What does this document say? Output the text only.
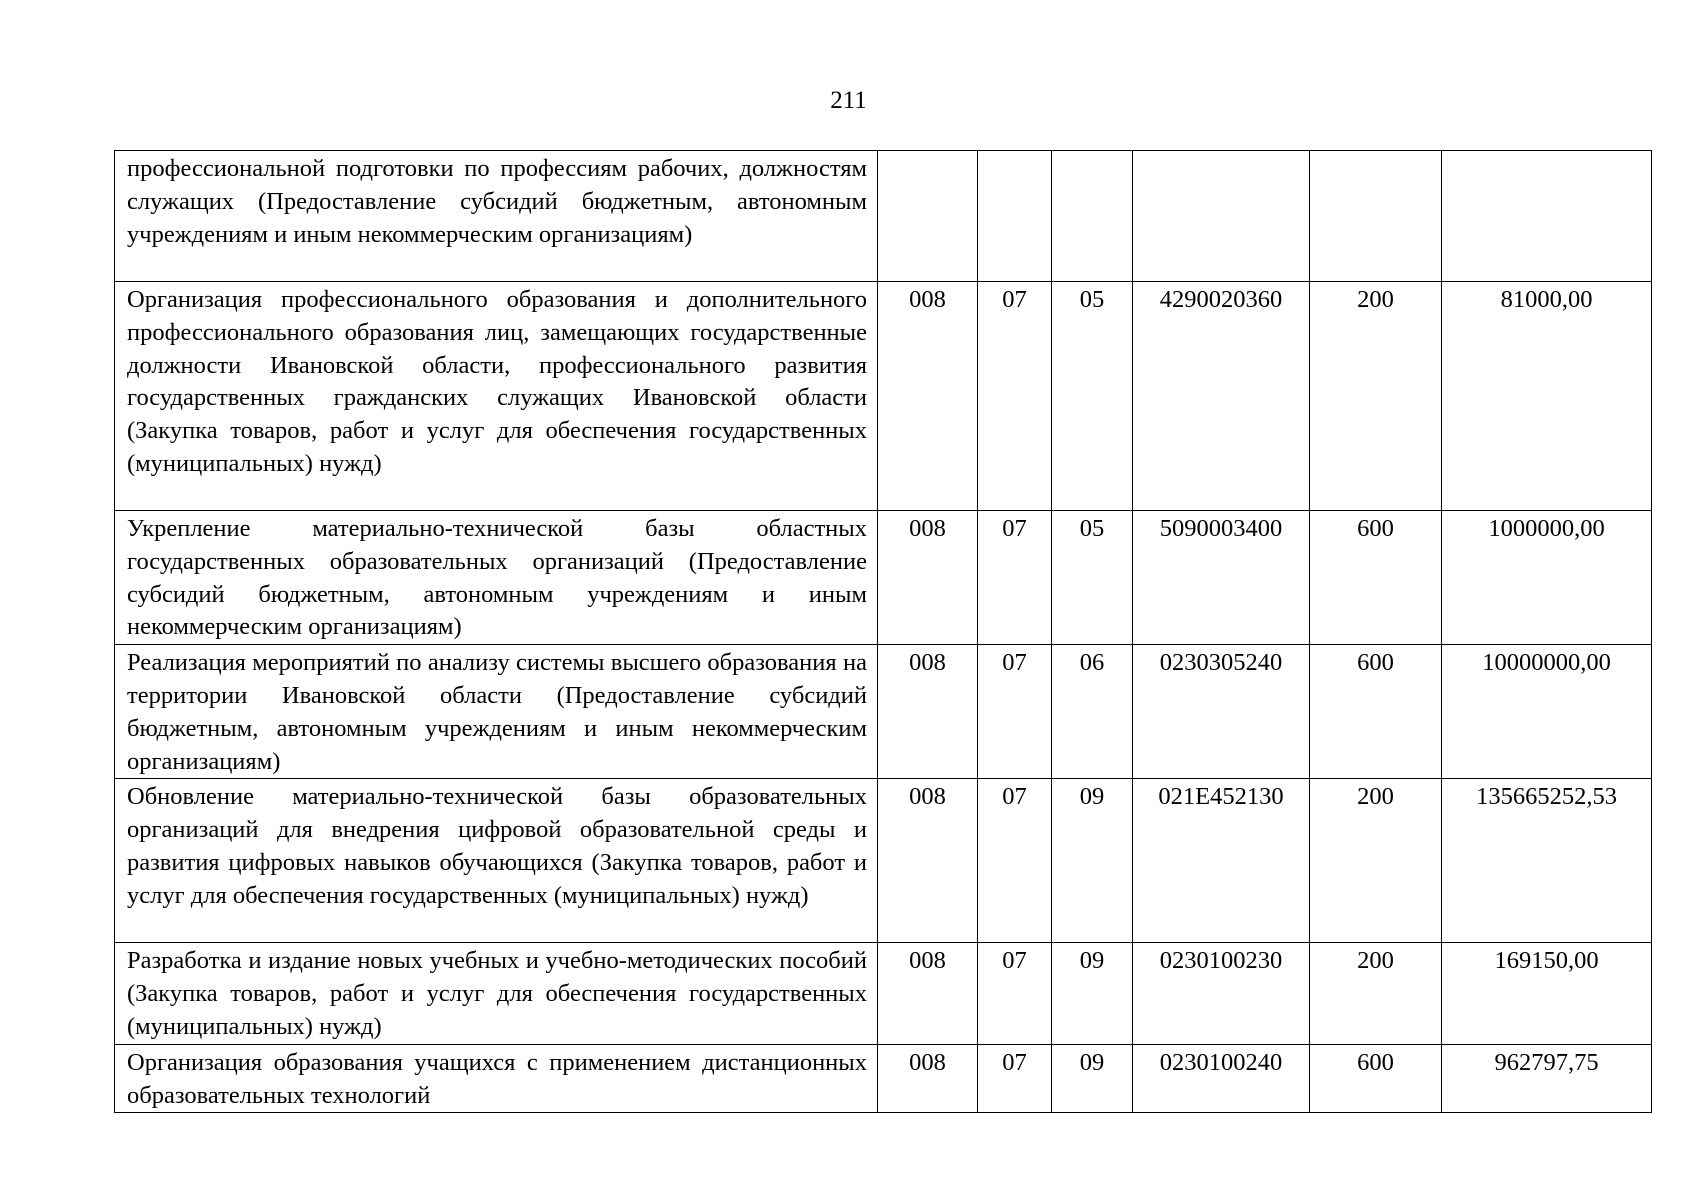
211
профессиональной подготовки по профессиям рабочих, должностям служащих (Предоставление субсидий бюджетным, автономным учреждениям и иным некоммерческим организациям)						
Организация профессионального образования и дополнительного профессионального образования лиц, замещающих государственные должности Ивановской области, профессионального развития государственных гражданских служащих Ивановской области (Закупка товаров, работ и услуг для обеспечения государственных (муниципальных) нужд)	008	07	05	4290020360	200	81000,00
Укрепление материально-технической базы областных государственных образовательных организаций (Предоставление субсидий бюджетным, автономным учреждениям и иным некоммерческим организациям)	008	07	05	5090003400	600	1000000,00
Реализация мероприятий по анализу системы высшего образования на территории Ивановской области (Предоставление субсидий бюджетным, автономным учреждениям и иным некоммерческим организациям)	008	07	06	0230305240	600	10000000,00
Обновление материально-технической базы образовательных организаций для внедрения цифровой образовательной среды и развития цифровых навыков обучающихся (Закупка товаров, работ и услуг для обеспечения государственных (муниципальных) нужд)	008	07	09	021E452130	200	135665252,53
Разработка и издание новых учебных и учебно-методических пособий (Закупка товаров, работ и услуг для обеспечения государственных (муниципальных) нужд)	008	07	09	0230100230	200	169150,00
Организация образования учащихся с применением дистанционных образовательных технологий	008	07	09	0230100240	600	962797,75
